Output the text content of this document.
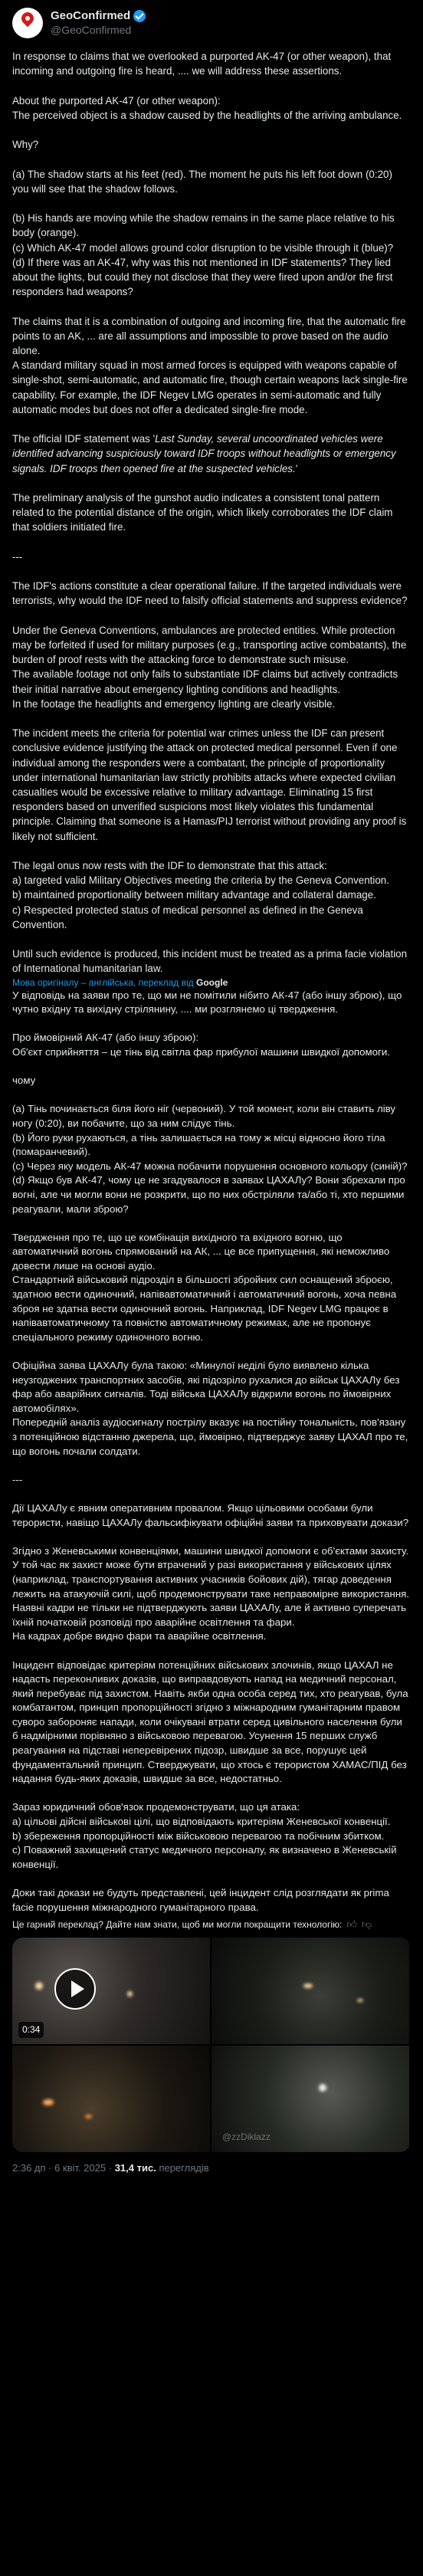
GeoConfirmed
@GeoConfirmed

In response to claims that we overlooked a purported AK-47 (or other weapon), that incoming and outgoing fire is heard, .... we will address these assertions.

About the purported AK-47 (or other weapon):

The perceived object is a shadow caused by the headlights of the arriving ambulance.

Why?

(a) The shadow starts at his feet (red). The moment he puts his left foot down (0:20) you will see that the shadow follows.

(b) His hands are moving while the shadow remains in the same place relative to his body (orange).

(c) Which AK-47 model allows ground color disruption to be visible through it (blue)?

(d) If there was an AK-47, why was this not mentioned in IDF statements? They lied about the lights, but could they not disclose that they were fired upon and/or the first responders had weapons?

The claims that it is a combination of outgoing and incoming fire, that the automatic fire points to an AK, ... are all assumptions and impossible to prove based on the audio alone.

A standard military squad in most armed forces is equipped with weapons capable of single-shot, semi-automatic, and automatic fire, though certain weapons lack single-fire capability. For example, the IDF Negev LMG operates in semi-automatic and fully automatic modes but does not offer a dedicated single-fire mode.

The official IDF statement was 'Last Sunday, several uncoordinated vehicles were identified advancing suspiciously toward IDF troops without headlights or emergency signals. IDF troops then opened fire at the suspected vehicles.'

The preliminary analysis of the gunshot audio indicates a consistent tonal pattern related to the potential distance of the origin, which likely corroborates the IDF claim that soldiers initiated fire.

---

The IDF's actions constitute a clear operational failure. If the targeted individuals were terrorists, why would the IDF need to falsify official statements and suppress evidence?

Under the Geneva Conventions, ambulances are protected entities. While protection may be forfeited if used for military purposes (e.g., transporting active combatants), the burden of proof rests with the attacking force to demonstrate such misuse.

The available footage not only fails to substantiate IDF claims but actively contradicts their initial narrative about emergency lighting conditions and headlights.

In the footage the headlights and emergency lighting are clearly visible.

The incident meets the criteria for potential war crimes unless the IDF can present conclusive evidence justifying the attack on protected medical personnel. Even if one individual among the responders were a combatant, the principle of proportionality under international humanitarian law strictly prohibits attacks where expected civilian casualties would be excessive relative to military advantage. Eliminating 15 first responders based on unverified suspicions most likely violates this fundamental principle. Claiming that someone is a Hamas/PIJ terrorist without providing any proof is likely not sufficient.

The legal onus now rests with the IDF to demonstrate that this attack:

a) targeted valid Military Objectives meeting the criteria by the Geneva Convention.

b) maintained proportionality between military advantage and collateral damage.

c) Respected protected status of medical personnel as defined in the Geneva Convention.

Until such evidence is produced, this incident must be treated as a prima facie violation of International humanitarian law.

Мова оригіналу – англійська, переклад від Google

У відповідь на заяви про те, що ми не помітили нібито АК-47 (або іншу зброю), що чутно вхідну та вихідну стрілянину, .... ми розглянемо ці твердження.

Про ймовірний АК-47 (або іншу зброю):

Об'єкт сприйняття – це тінь від світла фар прибулої машини швидкої допомоги.

чому

(a) Тінь починається біля його ніг (червоний). У той момент, коли він ставить ліву ногу (0:20), ви побачите, що за ним слідує тінь.

(b) Його руки рухаються, а тінь залишається на тому ж місці відносно його тіла (помаранчевий).

(c) Через яку модель АК-47 можна побачити порушення основного кольору (синій)?

(d) Якщо був АК-47, чому це не згадувалося в заявах ЦАХАЛу? Вони збрехали про вогні, але чи могли вони не розкрити, що по них обстріляли та/або ті, хто першими реагували, мали зброю?

Твердження про те, що це комбінація вихідного та вхідного вогню, що автоматичний вогонь спрямований на АК, ... це все припущення, які неможливо довести лише на основі аудіо.

Стандартний військовий підрозділ в більшості збройних сил оснащений зброєю, здатною вести одиночний, напівавтоматичний і автоматичний вогонь, хоча певна зброя не здатна вести одиночний вогонь. Наприклад, IDF Negev LMG працює в напівавтоматичному та повністю автоматичному режимах, але не пропонує спеціального режиму одиночного вогню.

Офіційна заява ЦАХАЛу була такою: «Минулої неділі було виявлено кілька неузгоджених транспортних засобів, які підозріло рухалися до військ ЦАХАЛу без фар або аварійних сигналів. Тоді війська ЦАХАЛу відкрили вогонь по ймовірних автомобілях».

Попередній аналіз аудіосигналу пострілу вказує на постійну тональність, пов'язану з потенційною відстанню джерела, що, ймовірно, підтверджує заяву ЦАХАЛ про те, що вогонь почали солдати.

---

Дії ЦАХАЛу є явним оперативним провалом. Якщо цільовими особами були терористи, навіщо ЦАХАЛу фальсифікувати офіційні заяви та приховувати докази?

Згідно з Женевськими конвенціями, машини швидкої допомоги є об'єктами захисту. У той час як захист може бути втрачений у разі використання у військових цілях (наприклад, транспортування активних учасників бойових дій), тягар доведення лежить на атакуючій силі, щоб продемонструвати таке неправомірне використання.

Наявні кадри не тільки не підтверджують заяви ЦАХАЛу, але й активно суперечать їхній початковій розповіді про аварійне освітлення та фари.

На кадрах добре видно фари та аварійне освітлення.

Інцидент відповідає критеріям потенційних військових злочинів, якщо ЦАХАЛ не надасть переконливих доказів, що виправдовують напад на медичний персонал, який перебуває під захистом. Навіть якби одна особа серед тих, хто реагував, була комбатантом, принцип пропорційності згідно з міжнародним гуманітарним правом суворо забороняє напади, коли очікувані втрати серед цивільного населення були б надмірними порівняно з військовою перевагою. Усунення 15 перших служб реагування на підставі неперевірених підозр, швидше за все, порушує цей фундаментальний принцип. Стверджувати, що хтось є терористом ХАМАС/ПІД без надання будь-яких доказів, швидше за все, недостатньо.

Зараз юридичний обов'язок продемонструвати, що ця атака:

а) цільові дійсні військові цілі, що відповідають критеріям Женевської конвенції.

b) збереження пропорційності між військовою перевагою та побічним збитком.

c) Поважний захищений статус медичного персоналу, як визначено в Женевській конвенції.

Доки такі докази не будуть представлені, цей інцидент слід розглядати як prima facie порушення міжнародного гуманітарного права.

Це гарний переклад? Дайте нам знати, щоб ми могли покращити технологію: 👍︎ 👎︎
0:34
@zzDiklazz
2:36 дп · 6 квіт. 2025 · 31,4 тис. переглядів
